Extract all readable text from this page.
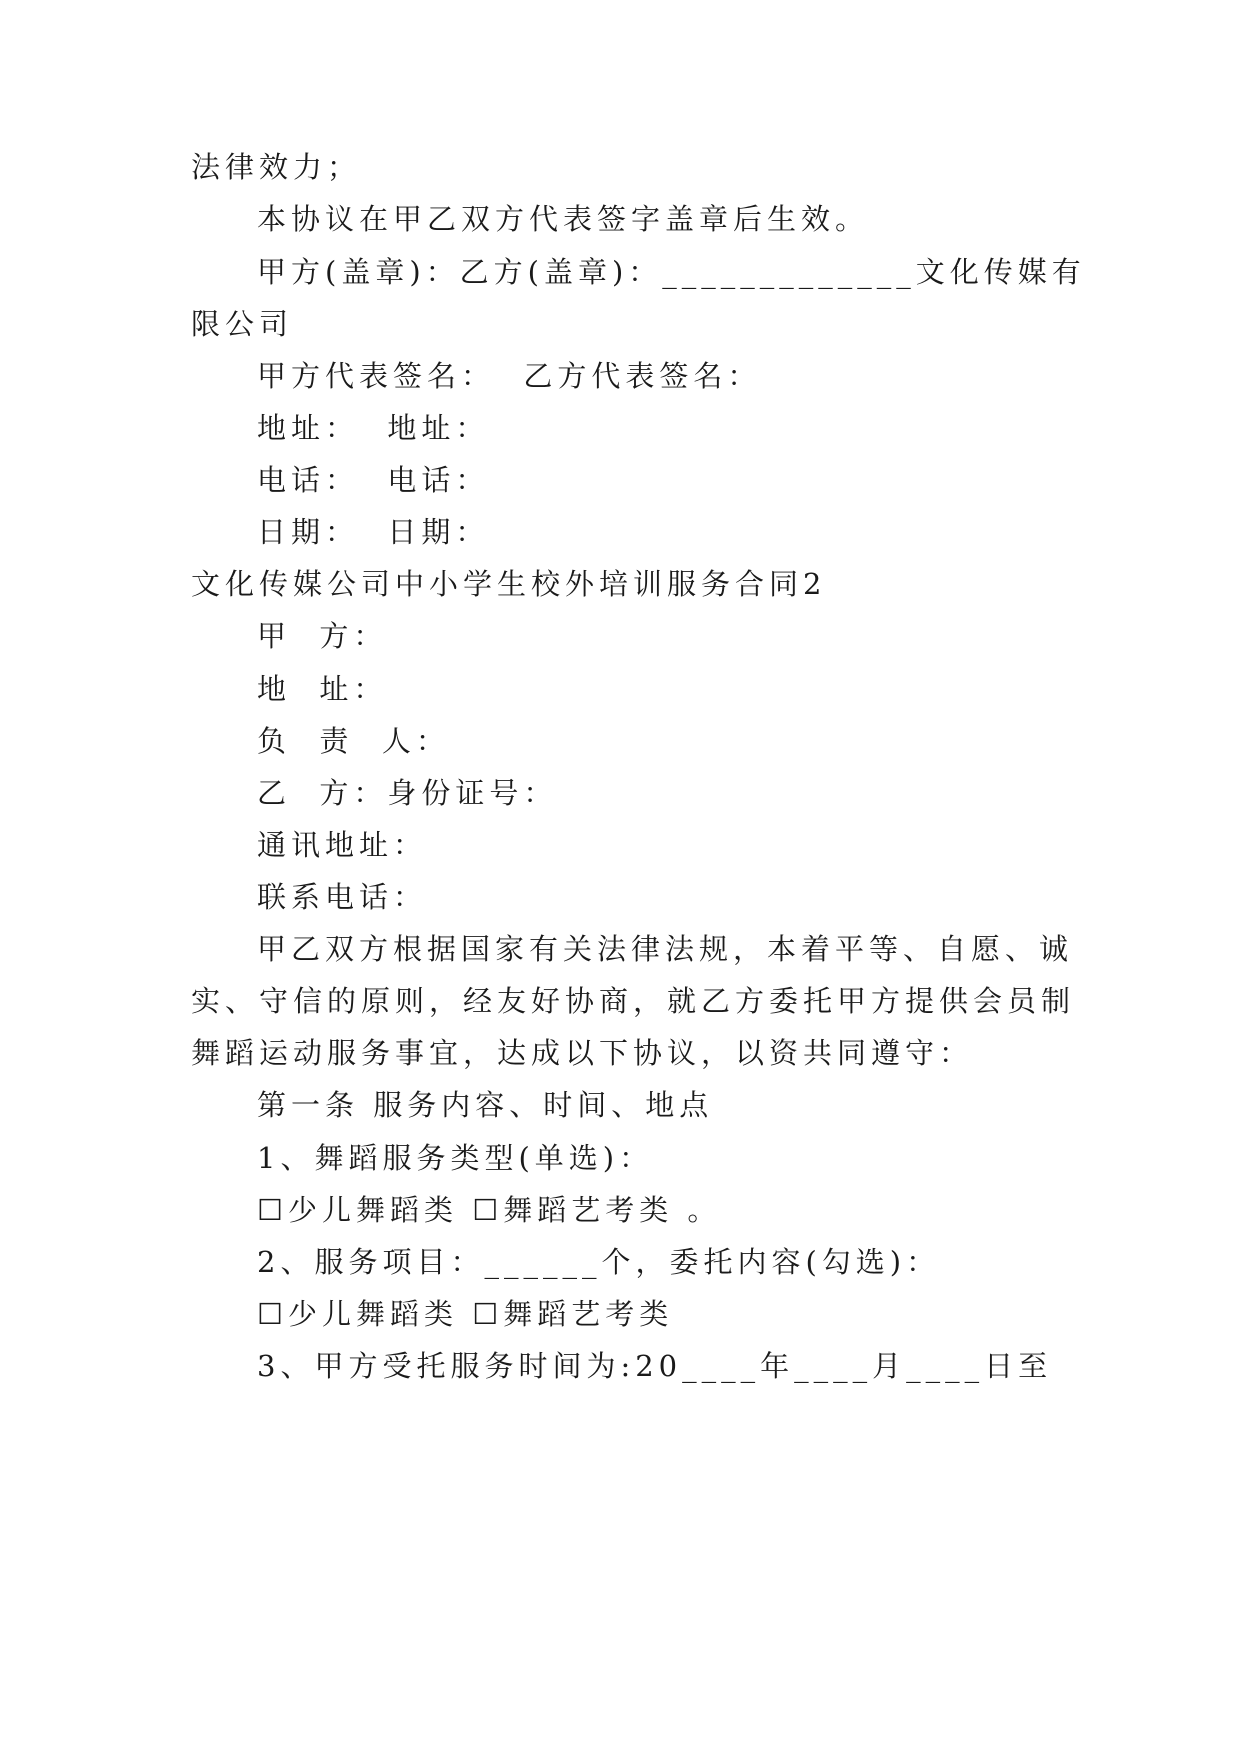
法律效力；
本协议在甲乙双方代表签字盖章后生效。
甲方(盖章)：乙方(盖章)：_____________文化传媒有
限公司
甲方代表签名：  乙方代表签名：
地址：  地址：
电话：  电话：
日期：  日期：
文化传媒公司中小学生校外培训服务合同2
甲  方：
地  址：
负  责  人：
乙  方：身份证号：
通讯地址：
联系电话：
甲乙双方根据国家有关法律法规，本着平等、自愿、诚
实、守信的原则，经友好协商，就乙方委托甲方提供会员制
舞蹈运动服务事宜，达成以下协议，以资共同遵守：
第一条 服务内容、时间、地点
1、舞蹈服务类型(单选)：
☐少儿舞蹈类 ☐舞蹈艺考类 。
2、服务项目：______个，委托内容(勾选)：
☐少儿舞蹈类 ☐舞蹈艺考类
3、甲方受托服务时间为:20____年____月____日至
